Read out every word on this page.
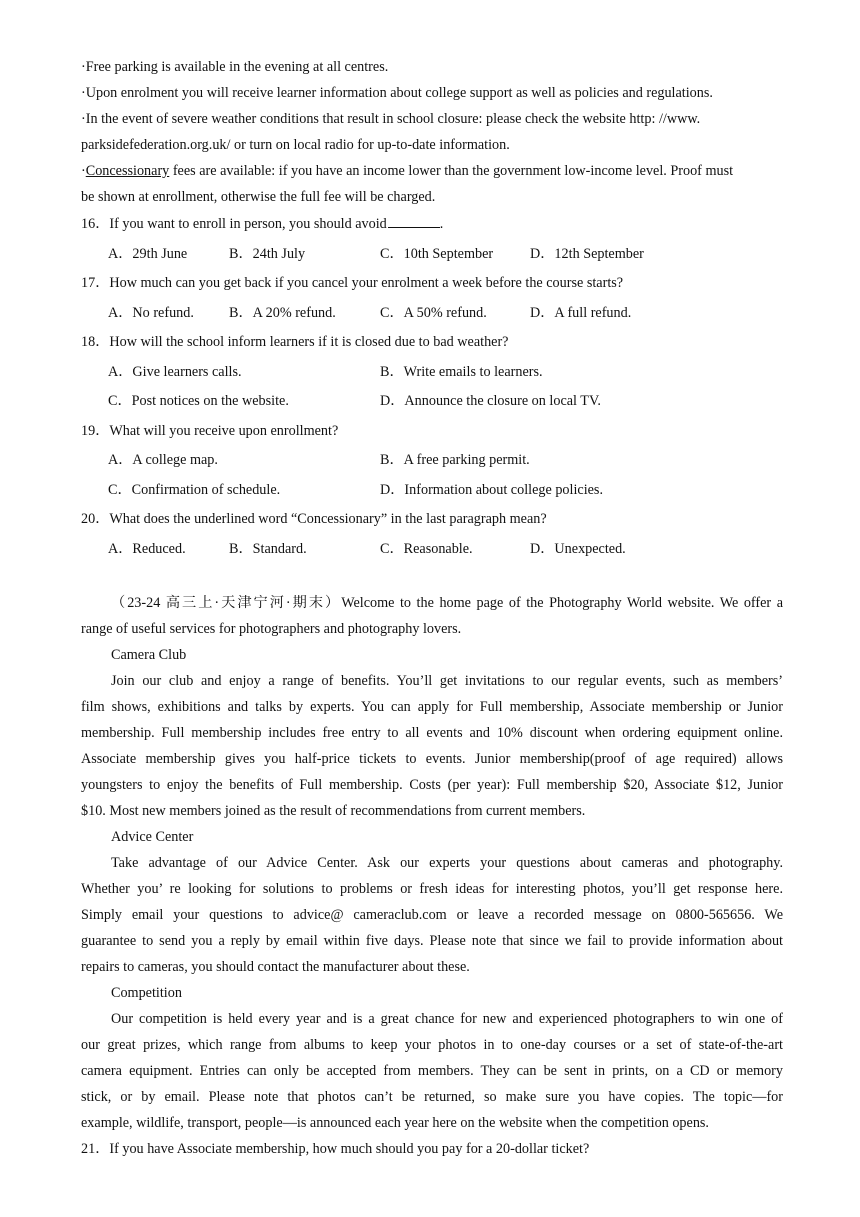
·Free parking is available in the evening at all centres.
·Upon enrolment you will receive learner information about college support as well as policies and regulations.
·In the event of severe weather conditions that result in school closure: please check the website http: //www.
parksidefederation.org.uk/ or turn on local radio for up-to-date information.
·Concessionary fees are available: if you have an income lower than the government low-income level. Proof must
be shown at enrollment, otherwise the full fee will be charged.
16．If you want to enroll in person, you should avoid	.
A．29th June	B．24th July	C．10th September	D．12th September
17．How much can you get back if you cancel your enrolment a week before the course starts?
A．No refund. B．A 20% refund.	C．A 50% refund.	D．A full refund.
18．How will the school inform learners if it is closed due to bad weather?
A．Give learners calls.	B．Write emails to learners.
C．Post notices on the website.	D．Announce the closure on local TV.
19．What will you receive upon enrollment?
A．A college map.	B．A free parking permit.
C．Confirmation of schedule.	D．Information about college policies.
20．What does the underlined word “Concessionary” in the last paragraph mean?
A．Reduced.	B．Standard.	C．Reasonable.	D．Unexpected.
（23-24 高三上·天津宁河·期末）Welcome to the home page of the Photography World website. We offer a
range of useful services for photographers and photography lovers.
Camera Club
Join our club and enjoy a range of benefits. You’ll get invitations to our regular events, such as members’
film shows, exhibitions and talks by experts. You can apply for Full membership, Associate membership or Junior
membership. Full membership includes free entry to all events and 10% discount when ordering equipment online.
Associate membership gives you half-price tickets to events. Junior membership(proof of age required) allows
youngsters to enjoy the benefits of Full membership. Costs (per year): Full membership $20, Associate $12, Junior
$10. Most new members joined as the result of recommendations from current members.
Advice Center
Take advantage of our Advice Center. Ask our experts your questions about cameras and photography.
Whether you’ re looking for solutions to problems or fresh ideas for interesting photos, you’ll get response here.
Simply email your questions to advice@ cameraclub.com or leave a recorded message on 0800-565656. We
guarantee to send you a reply by email within five days. Please note that since we fail to provide information about
repairs to cameras, you should contact the manufacturer about these.
Competition
Our competition is held every year and is a great chance for new and experienced photographers to win one of
our great prizes, which range from albums to keep your photos in to one-day courses or a set of state-of-the-art
camera equipment. Entries can only be accepted from members. They can be sent in prints, on a CD or memory
stick, or by email. Please note that photos can’t be returned, so make sure you have copies. The topic—for
example, wildlife, transport, people—is announced each year here on the website when the competition opens.
21．If you have Associate membership, how much should you pay for a 20-dollar ticket?
